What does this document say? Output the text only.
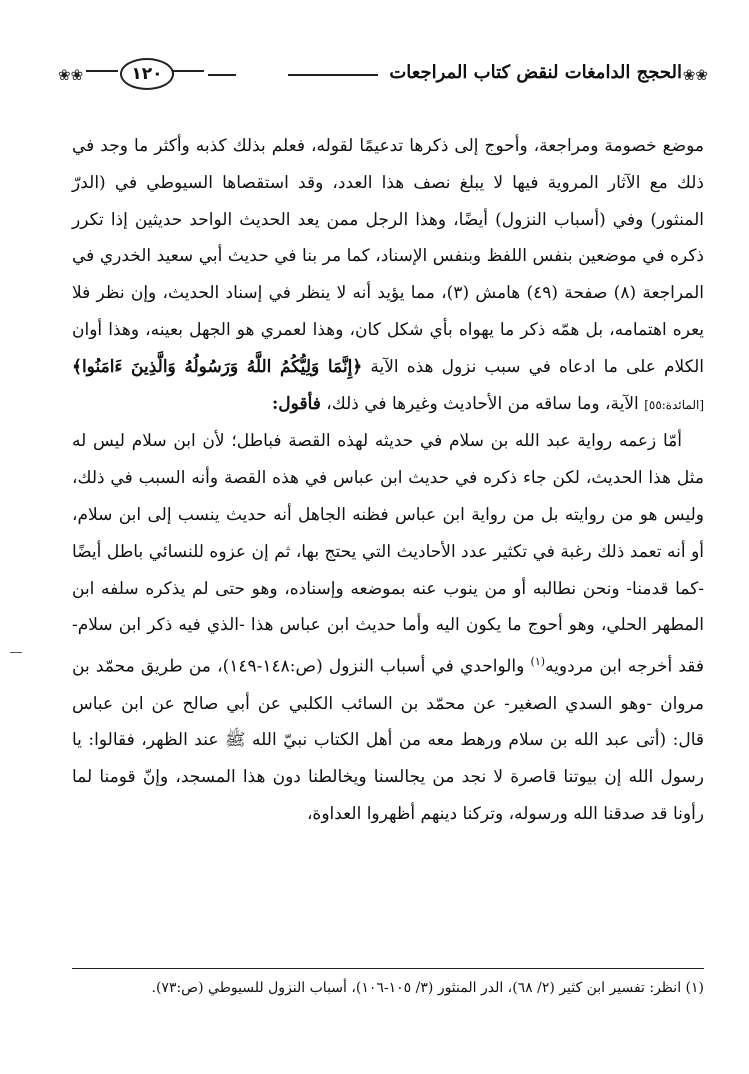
❀❀
الحجج الدامغات لنقض كتاب المراجعات
١٢٠
❀❀

موضع خصومة ومراجعة، وأحوج إلى ذكرها تدعيمًا لقوله، فعلم بذلك كذبه وأكثر ما وجد في ذلك مع الآثار المروية فيها لا يبلغ نصف هذا العدد، وقد استقصاها السيوطي في (الدرّ المنثور) وفي (أسباب النزول) أيضًا، وهذا الرجل ممن يعد الحديث الواحد حديثين إذا تكرر ذكره في موضعين بنفس اللفظ وبنفس الإسناد، كما مر بنا في حديث أبي سعيد الخدري في المراجعة (٨) صفحة (٤٩) هامش (٣)، مما يؤيد أنه لا ينظر في إسناد الحديث، وإن نظر فلا يعره اهتمامه، بل همّه ذكر ما يهواه بأي شكل كان، وهذا لعمري هو الجهل بعينه، وهذا أوان الكلام على ما ادعاه في سبب نزول هذه الآية ﴿إِنَّمَا وَلِيُّكُمُ اللَّهُ وَرَسُولُهُ وَالَّذِينَ ءَامَنُوا﴾ [المائدة:٥٥] الآية، وما ساقه من الأحاديث وغيرها في ذلك، فأقول:

أمّا زعمه رواية عبد الله بن سلام في حديثه لهذه القصة فباطل؛ لأن ابن سلام ليس له مثل هذا الحديث، لكن جاء ذكره في حديث ابن عباس في هذه القصة وأنه السبب في ذلك، وليس هو من روايته بل من رواية ابن عباس فظنه الجاهل أنه حديث ينسب إلى ابن سلام، أو أنه تعمد ذلك رغبة في تكثير عدد الأحاديث التي يحتج بها، ثم إن عزوه للنسائي باطل أيضًا -كما قدمنا- ونحن نطالبه أو من ينوب عنه بموضعه وإسناده، وهو حتى لم يذكره سلفه ابن المطهر الحلي، وهو أحوج ما يكون اليه وأما حديث ابن عباس هذا -الذي فيه ذكر ابن سلام- فقد أخرجه ابن مردويه$^{(١)}$ والواحدي في أسباب النزول (ص:١٤٨-١٤٩)، من طريق محمّد بن مروان -وهو السدي الصغير- عن محمّد بن السائب الكلبي عن أبي صالح عن ابن عباس قال: (أتى عبد الله بن سلام ورهط معه من أهل الكتاب نبيّ الله ﷺ عند الظهر، فقالوا: يا رسول الله إن بيوتنا قاصرة لا نجد من يجالسنا ويخالطنا دون هذا المسجد، وإنّ قومنا لما رأونا قد صدقنا الله ورسوله، وتركنا دينهم أظهروا العداوة،

(١) انظر: تفسير ابن كثير (٢/ ٦٨)، الدر المنثور (٣/ ١٠٥-١٠٦)، أسباب النزول للسيوطي (ص:٧٣).
